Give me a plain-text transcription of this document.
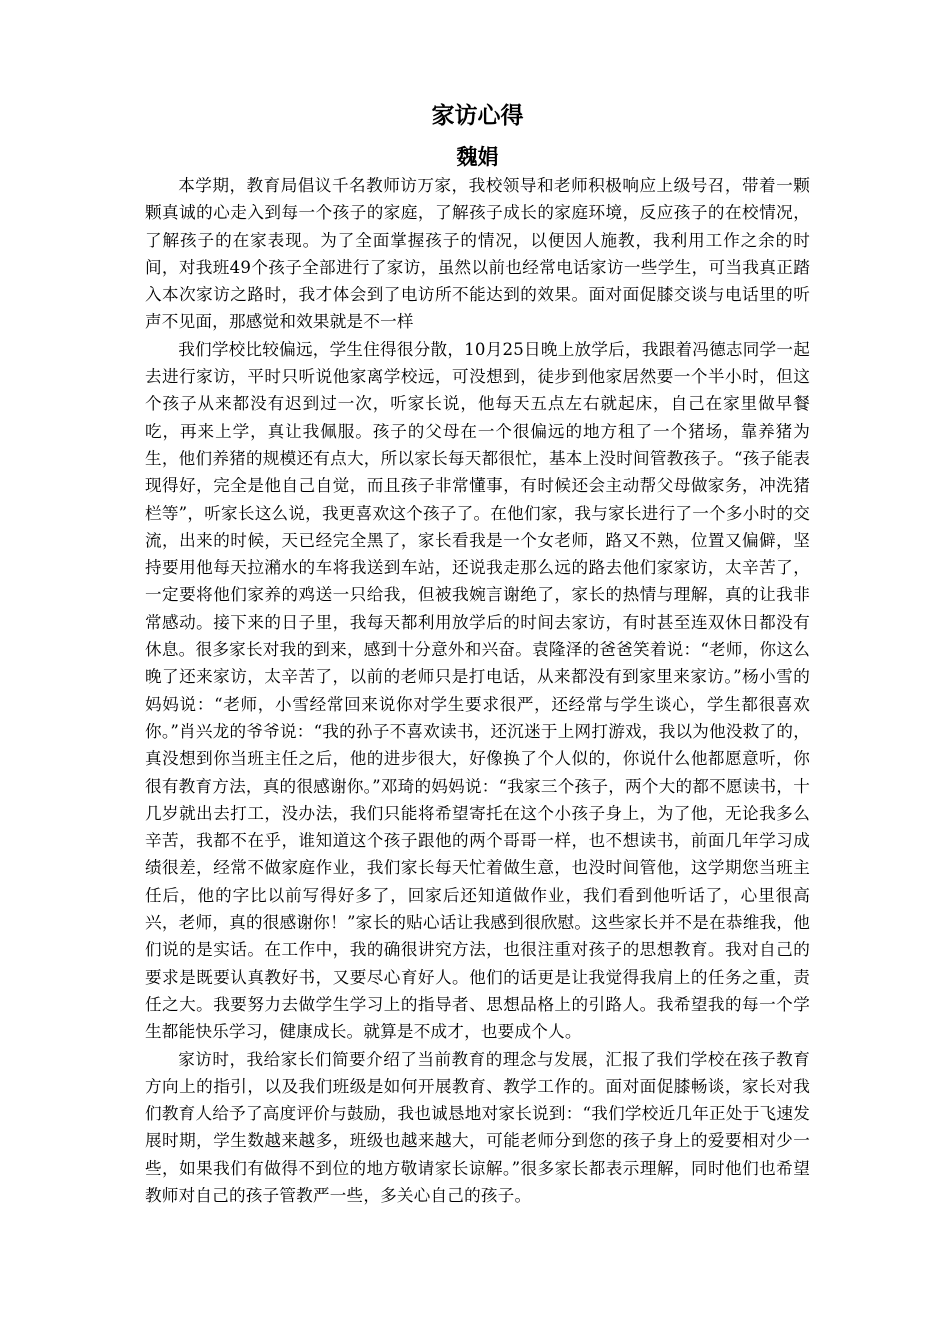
家访心得
魏娟

本学期，教育局倡议千名教师访万家，我校领导和老师积极响应上级号召，带着一颗颗真诚的心走入到每一个孩子的家庭，了解孩子成长的家庭环境，反应孩子的在校情况，了解孩子的在家表现。为了全面掌握孩子的情况，以便因人施教，我利用工作之余的时间，对我班49个孩子全部进行了家访，虽然以前也经常电话家访一些学生，可当我真正踏入本次家访之路时，我才体会到了电访所不能达到的效果。面对面促膝交谈与电话里的听声不见面，那感觉和效果就是不一样

我们学校比较偏远，学生住得很分散，10月25日晚上放学后，我跟着冯德志同学一起去进行家访，平时只听说他家离学校远，可没想到，徒步到他家居然要一个半小时，但这个孩子从来都没有迟到过一次，听家长说，他每天五点左右就起床，自己在家里做早餐吃，再来上学，真让我佩服。孩子的父母在一个很偏远的地方租了一个猪场，靠养猪为生，他们养猪的规模还有点大，所以家长每天都很忙，基本上没时间管教孩子。“孩子能表现得好，完全是他自己自觉，而且孩子非常懂事，有时候还会主动帮父母做家务，冲洗猪栏等”，听家长这么说，我更喜欢这个孩子了。在他们家，我与家长进行了一个多小时的交流，出来的时候，天已经完全黑了，家长看我是一个女老师，路又不熟，位置又偏僻，坚持要用他每天拉潲水的车将我送到车站，还说我走那么远的路去他们家家访，太辛苦了，一定要将他们家养的鸡送一只给我，但被我婉言谢绝了，家长的热情与理解，真的让我非常感动。接下来的日子里，我每天都利用放学后的时间去家访，有时甚至连双休日都没有休息。很多家长对我的到来，感到十分意外和兴奋。袁隆泽的爸爸笑着说：“老师，你这么晚了还来家访，太辛苦了，以前的老师只是打电话，从来都没有到家里来家访。”杨小雪的妈妈说：“老师，小雪经常回来说你对学生要求很严，还经常与学生谈心，学生都很喜欢你。”肖兴龙的爷爷说：“我的孙子不喜欢读书，还沉迷于上网打游戏，我以为他没救了的，真没想到你当班主任之后，他的进步很大，好像换了个人似的，你说什么他都愿意听，你很有教育方法，真的很感谢你。”邓琦的妈妈说：“我家三个孩子，两个大的都不愿读书，十几岁就出去打工，没办法，我们只能将希望寄托在这个小孩子身上，为了他，无论我多么辛苦，我都不在乎，谁知道这个孩子跟他的两个哥哥一样，也不想读书，前面几年学习成绩很差，经常不做家庭作业，我们家长每天忙着做生意，也没时间管他，这学期您当班主任后，他的字比以前写得好多了，回家后还知道做作业，我们看到他听话了，心里很高兴，老师，真的很感谢你！”家长的贴心话让我感到很欣慰。这些家长并不是在恭维我，他们说的是实话。在工作中，我的确很讲究方法，也很注重对孩子的思想教育。我对自己的要求是既要认真教好书，又要尽心育好人。他们的话更是让我觉得我肩上的任务之重，责任之大。我要努力去做学生学习上的指导者、思想品格上的引路人。我希望我的每一个学生都能快乐学习，健康成长。就算是不成才，也要成个人。

家访时，我给家长们简要介绍了当前教育的理念与发展，汇报了我们学校在孩子教育方向上的指引，以及我们班级是如何开展教育、教学工作的。面对面促膝畅谈，家长对我们教育人给予了高度评价与鼓励，我也诚恳地对家长说到：“我们学校近几年正处于飞速发展时期，学生数越来越多，班级也越来越大，可能老师分到您的孩子身上的爱要相对少一些，如果我们有做得不到位的地方敬请家长谅解。”很多家长都表示理解，同时他们也希望教师对自己的孩子管教严一些，多关心自己的孩子。
